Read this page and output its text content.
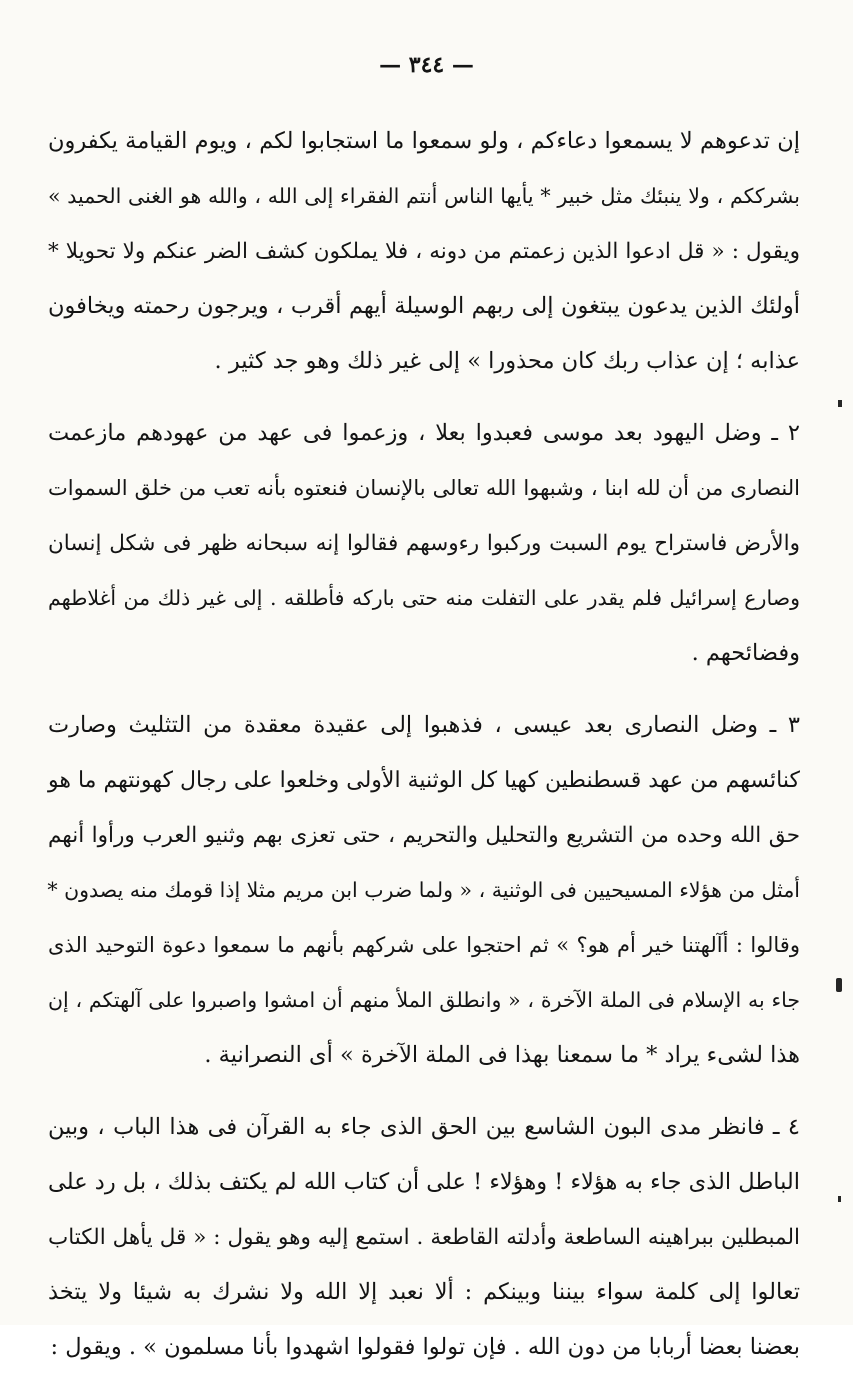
— ٣٤٤ —
إن تدعوهم لا يسمعوا دعاءكم ، ولو سمعوا ما استجابوا لكم ، ويوم القيامة يكفرون
بشرككم ، ولا ينبئك مثل خبير * يأيها الناس أنتم الفقراء إلى الله ، والله هو الغنى الحميد »
ويقول : « قل ادعوا الذين زعمتم من دونه ، فلا يملكون كشف الضر عنكم ولا تحويلا *
أولئك الذين يدعون يبتغون إلى ربهم الوسيلة أيهم أقرب ، ويرجون رحمته ويخافون
عذابه ؛ إن عذاب ربك كان محذورا » إلى غير ذلك وهو جد كثير .
٢ ـ وضل اليهود بعد موسى فعبدوا بعلا ، وزعموا فى عهد من عهودهم مازعمت
النصارى من أن لله ابنا ، وشبهوا الله تعالى بالإنسان فنعتوه بأنه تعب من خلق السموات
والأرض فاستراح يوم السبت وركبوا رءوسهم فقالوا إنه سبحانه ظهر فى شكل إنسان
وصارع إسرائيل فلم يقدر على التفلت منه حتى باركه فأطلقه . إلى غير ذلك من أغلاطهم
وفضائحهم .
٣ ـ وضل النصارى بعد عيسى ، فذهبوا إلى عقيدة معقدة من التثليث وصارت
كنائسهم من عهد قسطنطين كهيا كل الوثنية الأولى وخلعوا على رجال كهونتهم ما هو
حق الله وحده من التشريع والتحليل والتحريم ، حتى تعزى بهم وثنيو العرب ورأوا أنهم
أمثل من هؤلاء المسيحيين فى الوثنية ، « ولما ضرب ابن مريم مثلا إذا قومك منه يصدون *
وقالوا : أآلهتنا خير أم هو؟ » ثم احتجوا على شركهم بأنهم ما سمعوا دعوة التوحيد الذى
جاء به الإسلام فى الملة الآخرة ، « وانطلق الملأ منهم أن امشوا واصبروا على آلهتكم ، إن
هذا لشىء يراد * ما سمعنا بهذا فى الملة الآخرة » أى النصرانية .
٤ ـ فانظر مدى البون الشاسع بين الحق الذى جاء به القرآن فى هذا الباب ، وبين
الباطل الذى جاء به هؤلاء ! وهؤلاء ! على أن كتاب الله لم يكتف بذلك ، بل رد على
المبطلين ببراهينه الساطعة وأدلته القاطعة . استمع إليه وهو يقول : « قل يأهل الكتاب
تعالوا إلى كلمة سواء بيننا وبينكم : ألا نعبد إلا الله ولا نشرك به شيئا ولا يتخذ
بعضنا بعضا أربابا من دون الله . فإن تولوا فقولوا اشهدوا بأنا مسلمون » . ويقول :
